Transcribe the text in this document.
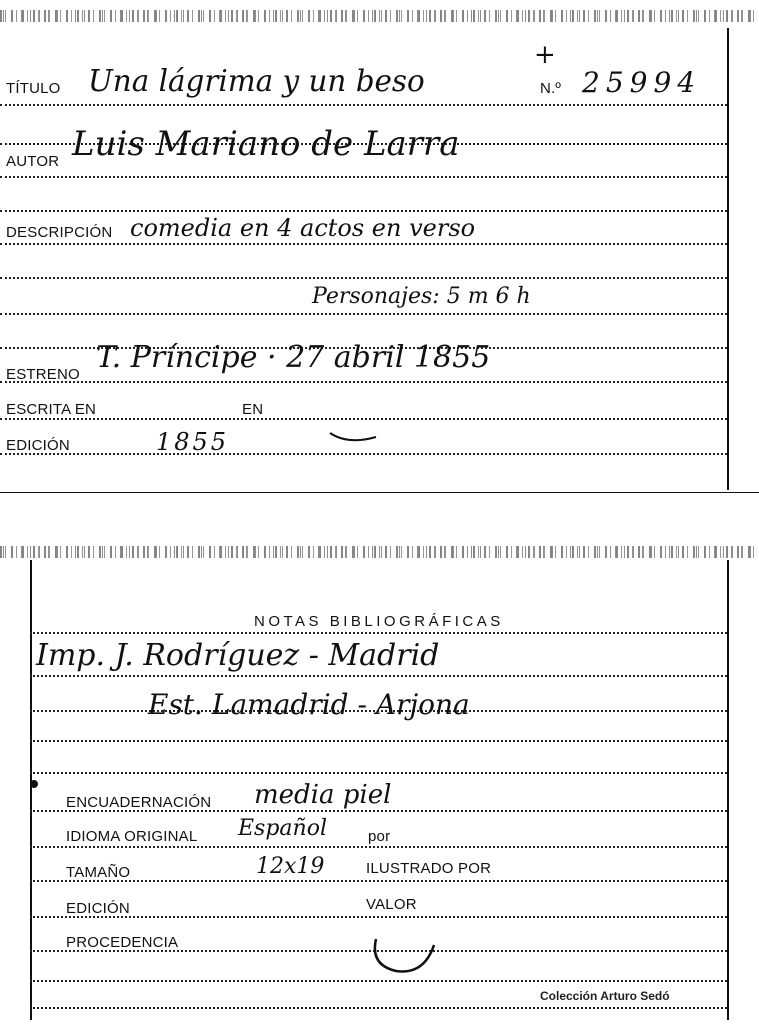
TÍTULO Una lágrima y un beso
+
N.º 25994
AUTOR Luis Mariano de Larra
DESCRIPCIÓN comedia en 4 actos en verso
Personajes: 5 m 6 h
ESTRENO T. Príncipe · 27 abril 1855
ESCRITA EN	EN
EDICIÓN	1855
NOTAS BIBLIOGRÁFICAS
Imp. J. Rodríguez - Madrid
Est. Lamadrid - Arjona
ENCUADERNACIÓN media piel
IDIOMA ORIGINAL Español	por
TAMAÑO	12x19	ILUSTRADO POR
EDICIÓN	VALOR
PROCEDENCIA
Colección Arturo Sedó
